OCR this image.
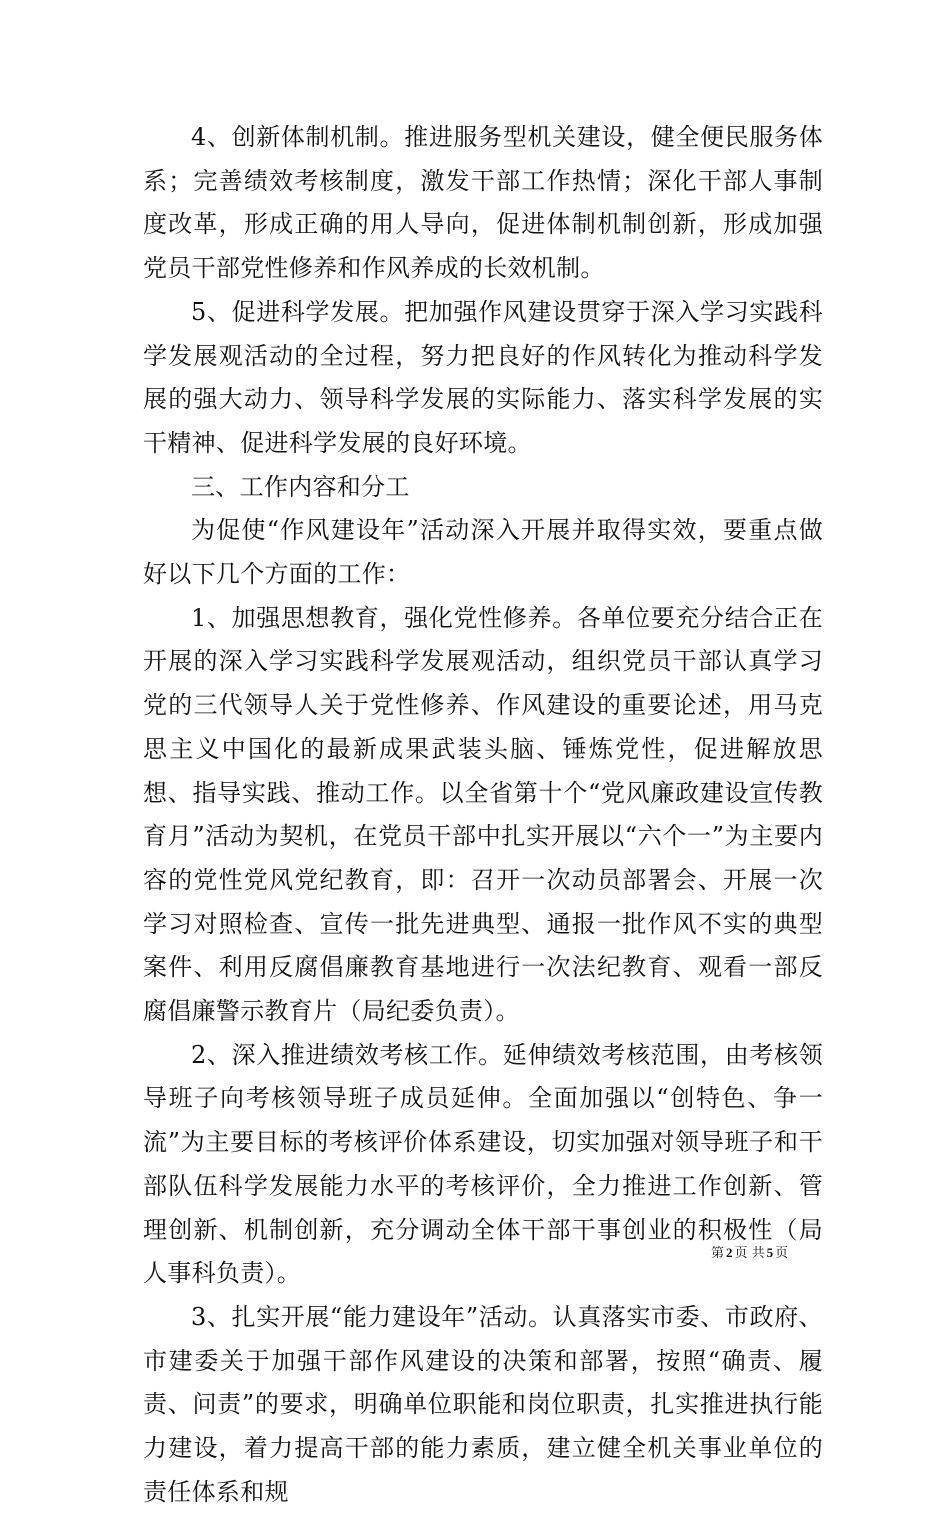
4、创新体制机制。推进服务型机关建设，健全便民服务体系；完善绩效考核制度，激发干部工作热情；深化干部人事制度改革，形成正确的用人导向，促进体制机制创新，形成加强党员干部党性修养和作风养成的长效机制。

5、促进科学发展。把加强作风建设贯穿于深入学习实践科学发展观活动的全过程，努力把良好的作风转化为推动科学发展的强大动力、领导科学发展的实际能力、落实科学发展的实干精神、促进科学发展的良好环境。

三、工作内容和分工

为促使“作风建设年”活动深入开展并取得实效，要重点做好以下几个方面的工作：

1、加强思想教育，强化党性修养。各单位要充分结合正在开展的深入学习实践科学发展观活动，组织党员干部认真学习党的三代领导人关于党性修养、作风建设的重要论述，用马克思主义中国化的最新成果武装头脑、锤炼党性，促进解放思想、指导实践、推动工作。以全省第十个“党风廉政建设宣传教育月”活动为契机，在党员干部中扎实开展以“六个一”为主要内容的党性党风党纪教育，即：召开一次动员部署会、开展一次学习对照检查、宣传一批先进典型、通报一批作风不实的典型案件、利用反腐倡廉教育基地进行一次法纪教育、观看一部反腐倡廉警示教育片（局纪委负责）。

2、深入推进绩效考核工作。延伸绩效考核范围，由考核领导班子向考核领导班子成员延伸。全面加强以“创特色、争一流”为主要目标的考核评价体系建设，切实加强对领导班子和干部队伍科学发展能力水平的考核评价，全力推进工作创新、管理创新、机制创新，充分调动全体干部干事创业的积极性（局人事科负责）。

3、扎实开展“能力建设年”活动。认真落实市委、市政府、市建委关于加强干部作风建设的决策和部署，按照“确责、履责、问责”的要求，明确单位职能和岗位职责，扎实推进执行能力建设，着力提高干部的能力素质，建立健全机关事业单位的责任体系和规

第 2 页 共 5 页
